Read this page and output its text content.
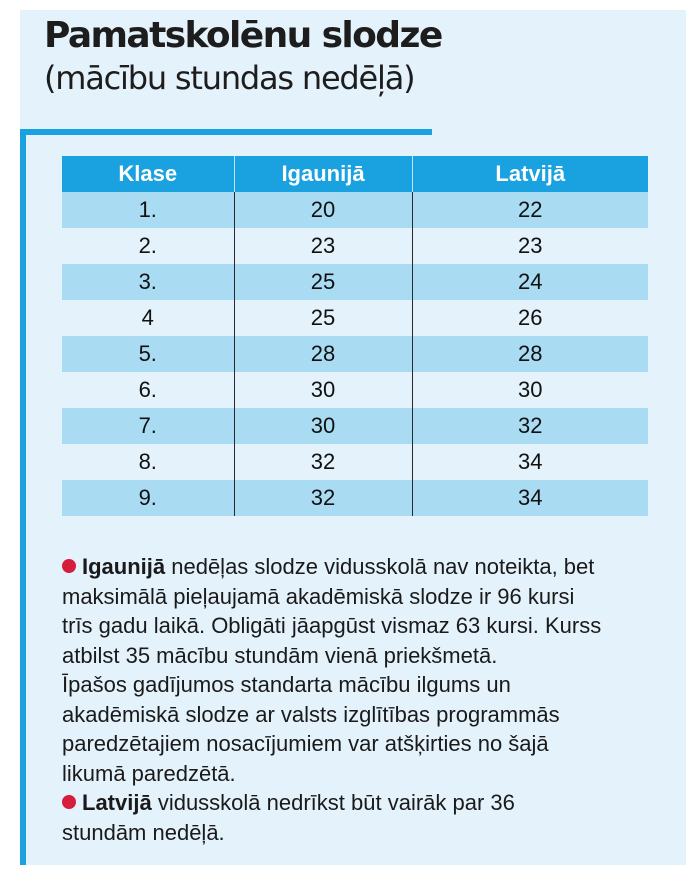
Pamatskolēnu slodze
(mācību stundas nedēļā)
Klase	Igaunijā	Latvijā
1.	20	22
2.	23	23
3.	25	24
4	25	26
5.	28	28
6.	30	30
7.	30	32
8.	32	34
9.	32	34

Igaunijā nedēļas slodze vidusskolā nav noteikta, bet
maksimālā pieļaujamā akadēmiskā slodze ir 96 kursi
trīs gadu laikā. Obligāti jāapgūst vismaz 63 kursi. Kurss
atbilst 35 mācību stundām vienā priekšmetā.
Īpašos gadījumos standarta mācību ilgums un
akadēmiskā slodze ar valsts izglītības programmās
paredzētajiem nosacījumiem var atšķirties no šajā
likumā paredzētā.

Latvijā vidusskolā nedrīkst būt vairāk par 36
stundām nedēļā.
